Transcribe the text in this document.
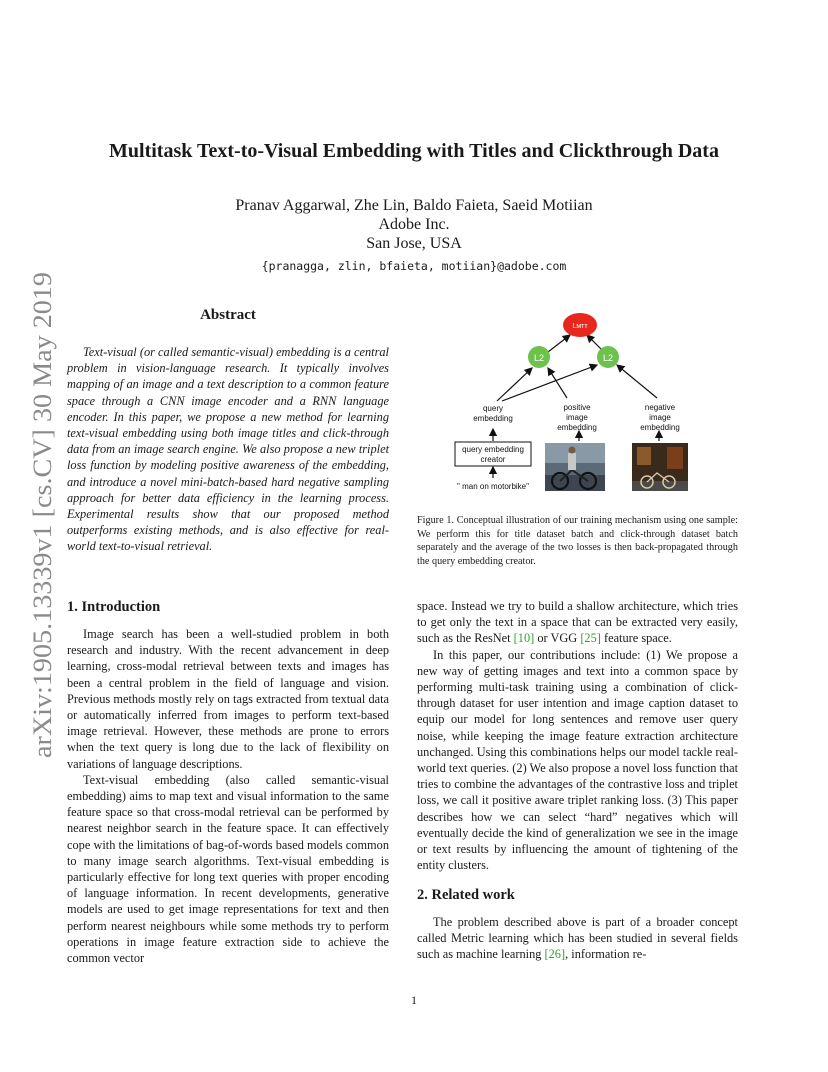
arXiv:1905.13339v1 [cs.CV] 30 May 2019
Multitask Text-to-Visual Embedding with Titles and Clickthrough Data
Pranav Aggarwal, Zhe Lin, Baldo Faieta, Saeid Motiian
Adobe Inc.
San Jose, USA
{pranagga, zlin, bfaieta, motiian}@adobe.com
Abstract

Text-visual (or called semantic-visual) embedding is a central problem in vision-language research. It typically involves mapping of an image and a text description to a common feature space through a CNN image encoder and a RNN language encoder. In this paper, we propose a new method for learning text-visual embedding using both image titles and click-through data from an image search engine. We also propose a new triplet loss function by modeling positive awareness of the embedding, and introduce a novel mini-batch-based hard negative sampling approach for better data efficiency in the learning process. Experimental results show that our proposed method outperforms existing methods, and is also effective for real-world text-to-visual retrieval.

Lᴍᴛᴛ
L2	L2
query
embedding
positive
image
embedding
negative
image
embedding
query embedding
creator
" man on motorbike"
Figure 1. Conceptual illustration of our training mechanism using one sample: We perform this for title dataset batch and click-through dataset batch separately and the average of the two losses is then back-propagated through the query embedding creator.
1. Introduction

Image search has been a well-studied problem in both research and industry. With the recent advancement in deep learning, cross-modal retrieval between texts and images has been a central problem in the field of language and vision. Previous methods mostly rely on tags extracted from textual data or automatically inferred from images to perform text-based image retrieval. However, these methods are prone to errors when the text query is long due to the lack of flexibility on variations of language descriptions.

Text-visual embedding (also called semantic-visual embedding) aims to map text and visual information to the same feature space so that cross-modal retrieval can be performed by nearest neighbor search in the feature space. It can effectively cope with the limitations of bag-of-words based models common to many image search algorithms. Text-visual embedding is particularly effective for long text queries with proper encoding of language information. In recent developments, generative models are used to get image representations for text and then perform nearest neighbours while some methods try to perform operations in image feature extraction side to achieve the common vector

space. Instead we try to build a shallow architecture, which tries to get only the text in a space that can be extracted very easily, such as the ResNet [10] or VGG [25] feature space.

In this paper, our contributions include: (1) We propose a new way of getting images and text into a common space by performing multi-task training using a combination of click-through dataset for user intention and image caption dataset to equip our model for long sentences and remove user query noise, while keeping the image feature extraction architecture unchanged. Using this combinations helps our model tackle real-world text queries. (2) We also propose a novel loss function that tries to combine the advantages of the contrastive loss and triplet loss, we call it positive aware triplet ranking loss. (3) This paper describes how we can select “hard” negatives which will eventually decide the kind of generalization we see in the image or text results by influencing the amount of tightening of the entity clusters.

2. Related work

The problem described above is part of a broader concept called Metric learning which has been studied in several fields such as machine learning [26], information re-

1
